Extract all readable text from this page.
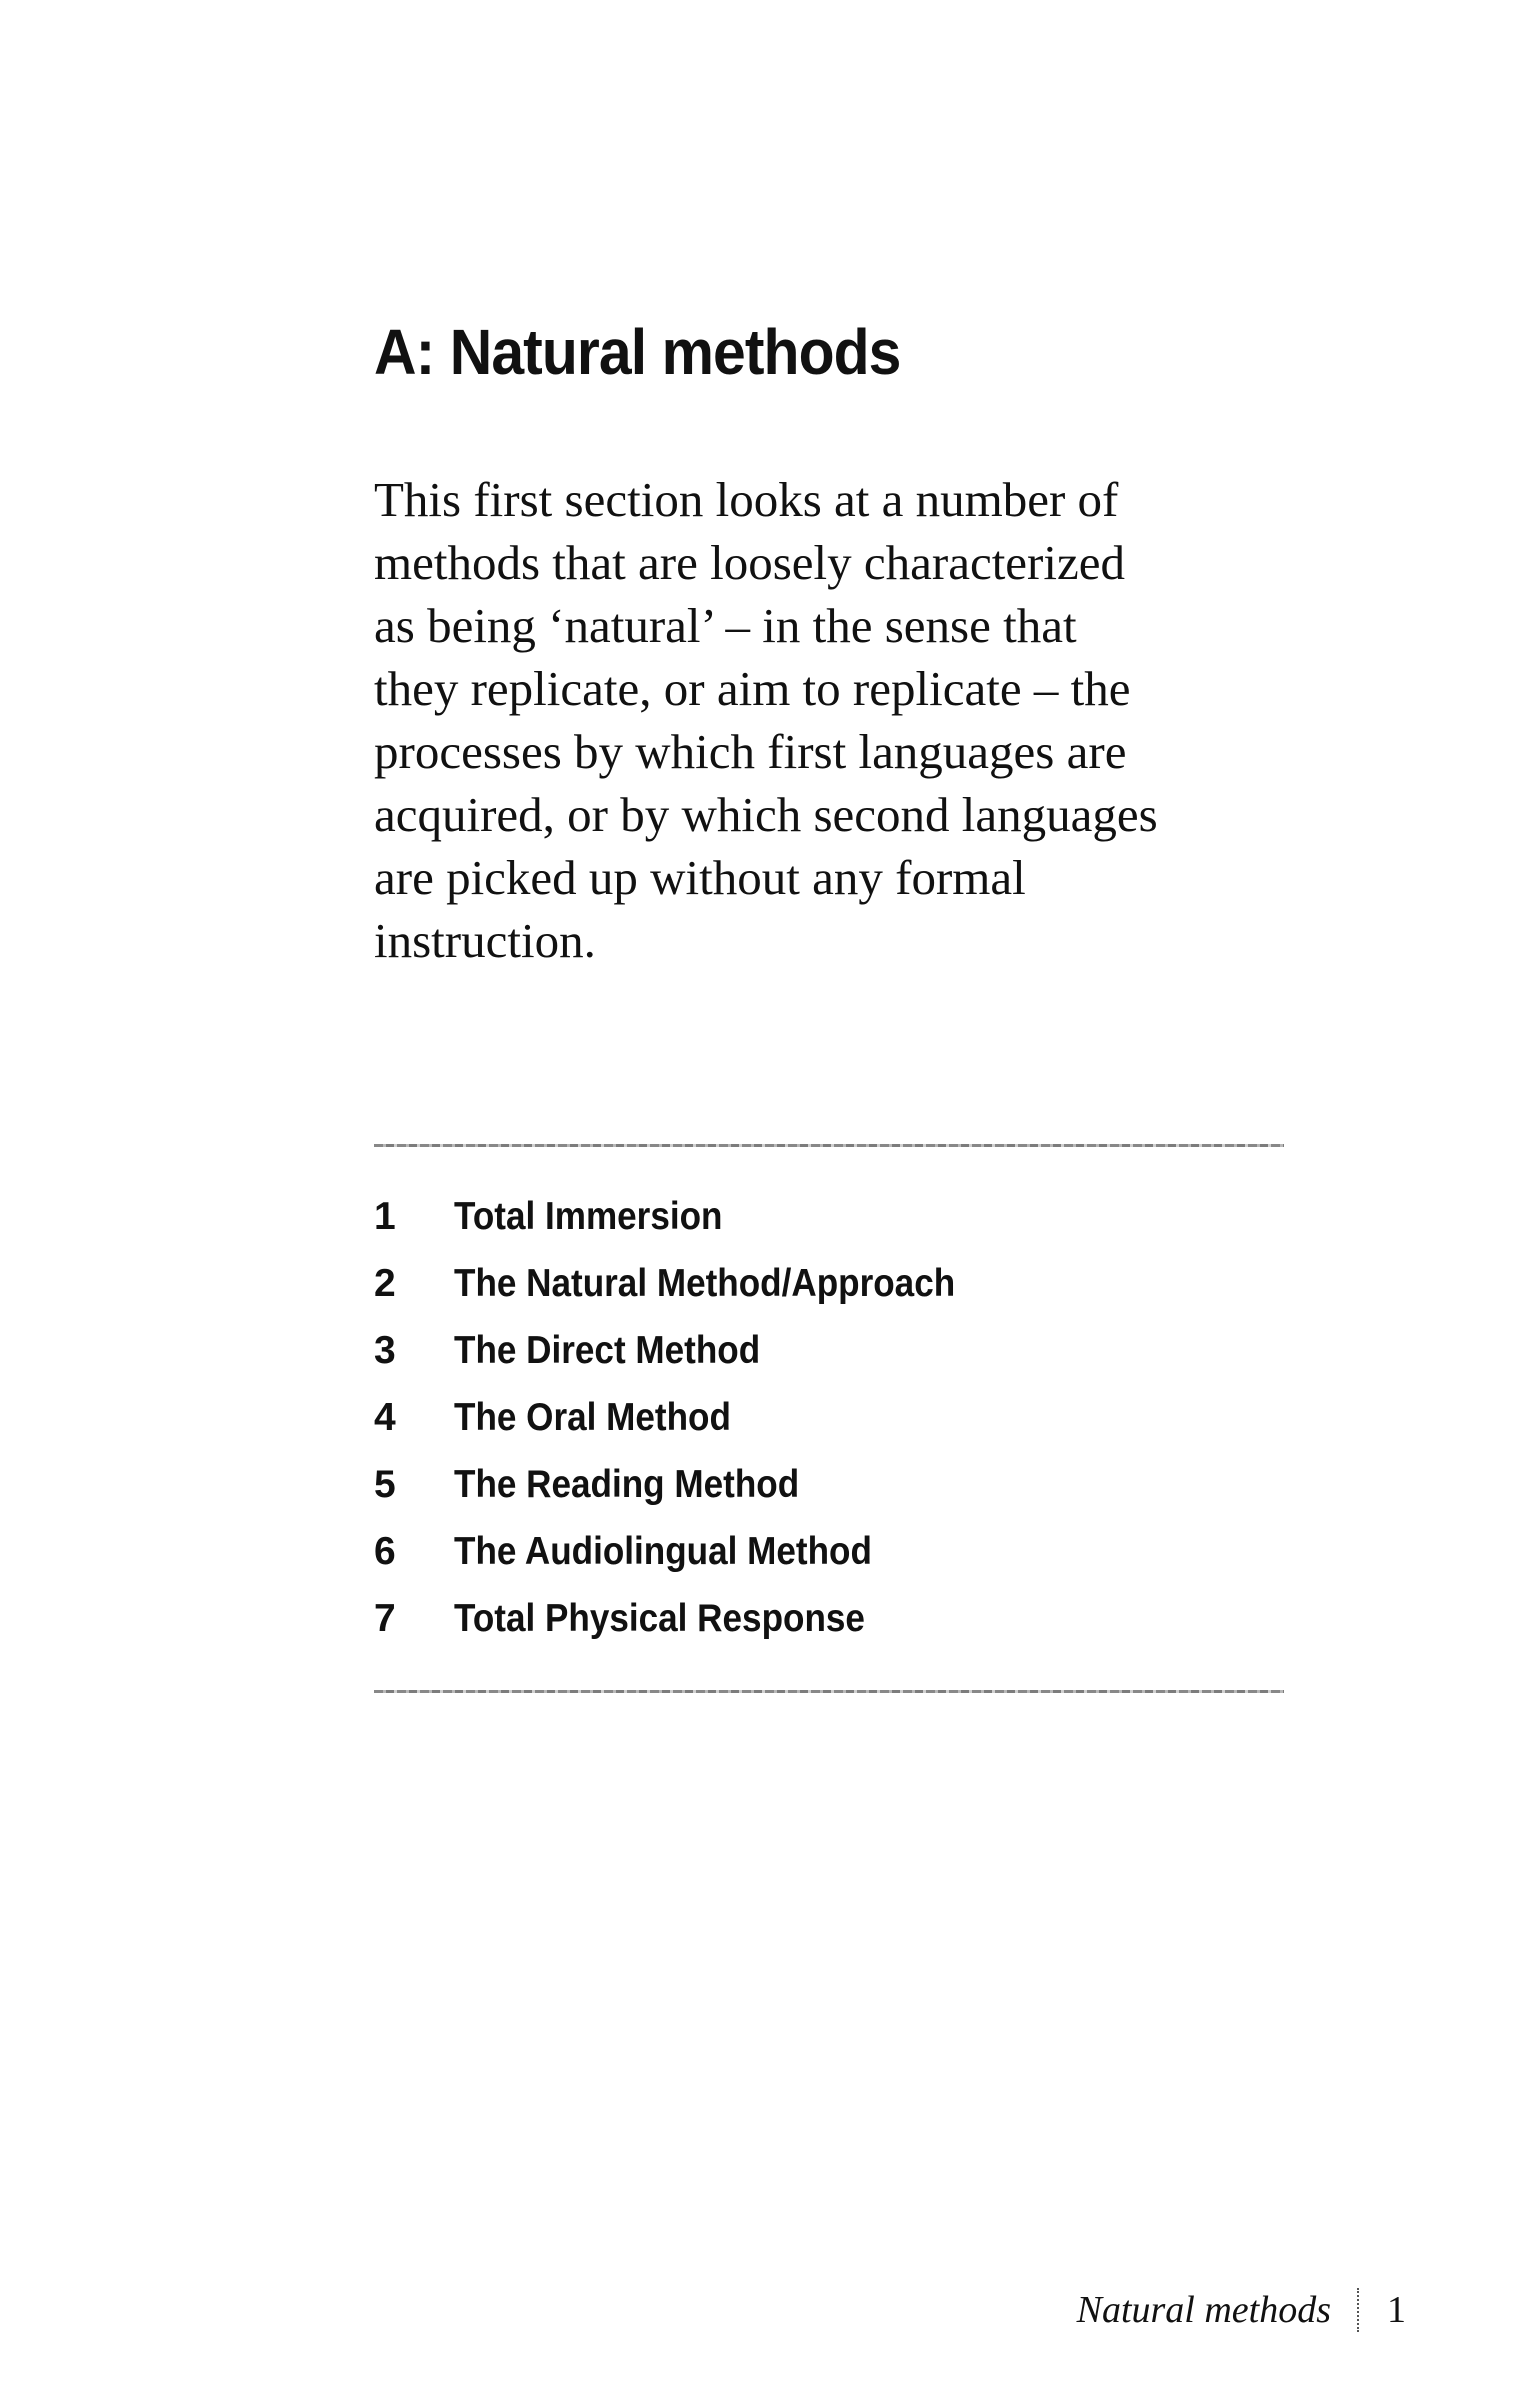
A: Natural methods

This first section looks at a number of
methods that are loosely characterized
as being ‘natural’ – in the sense that
they replicate, or aim to replicate – the
processes by which first languages are
acquired, or by which second languages
are picked up without any formal
instruction.

1 Total Immersion
2 The Natural Method/Approach
3 The Direct Method
4 The Oral Method
5 The Reading Method
6 The Audiolingual Method
7 Total Physical Response
Natural methods 1
